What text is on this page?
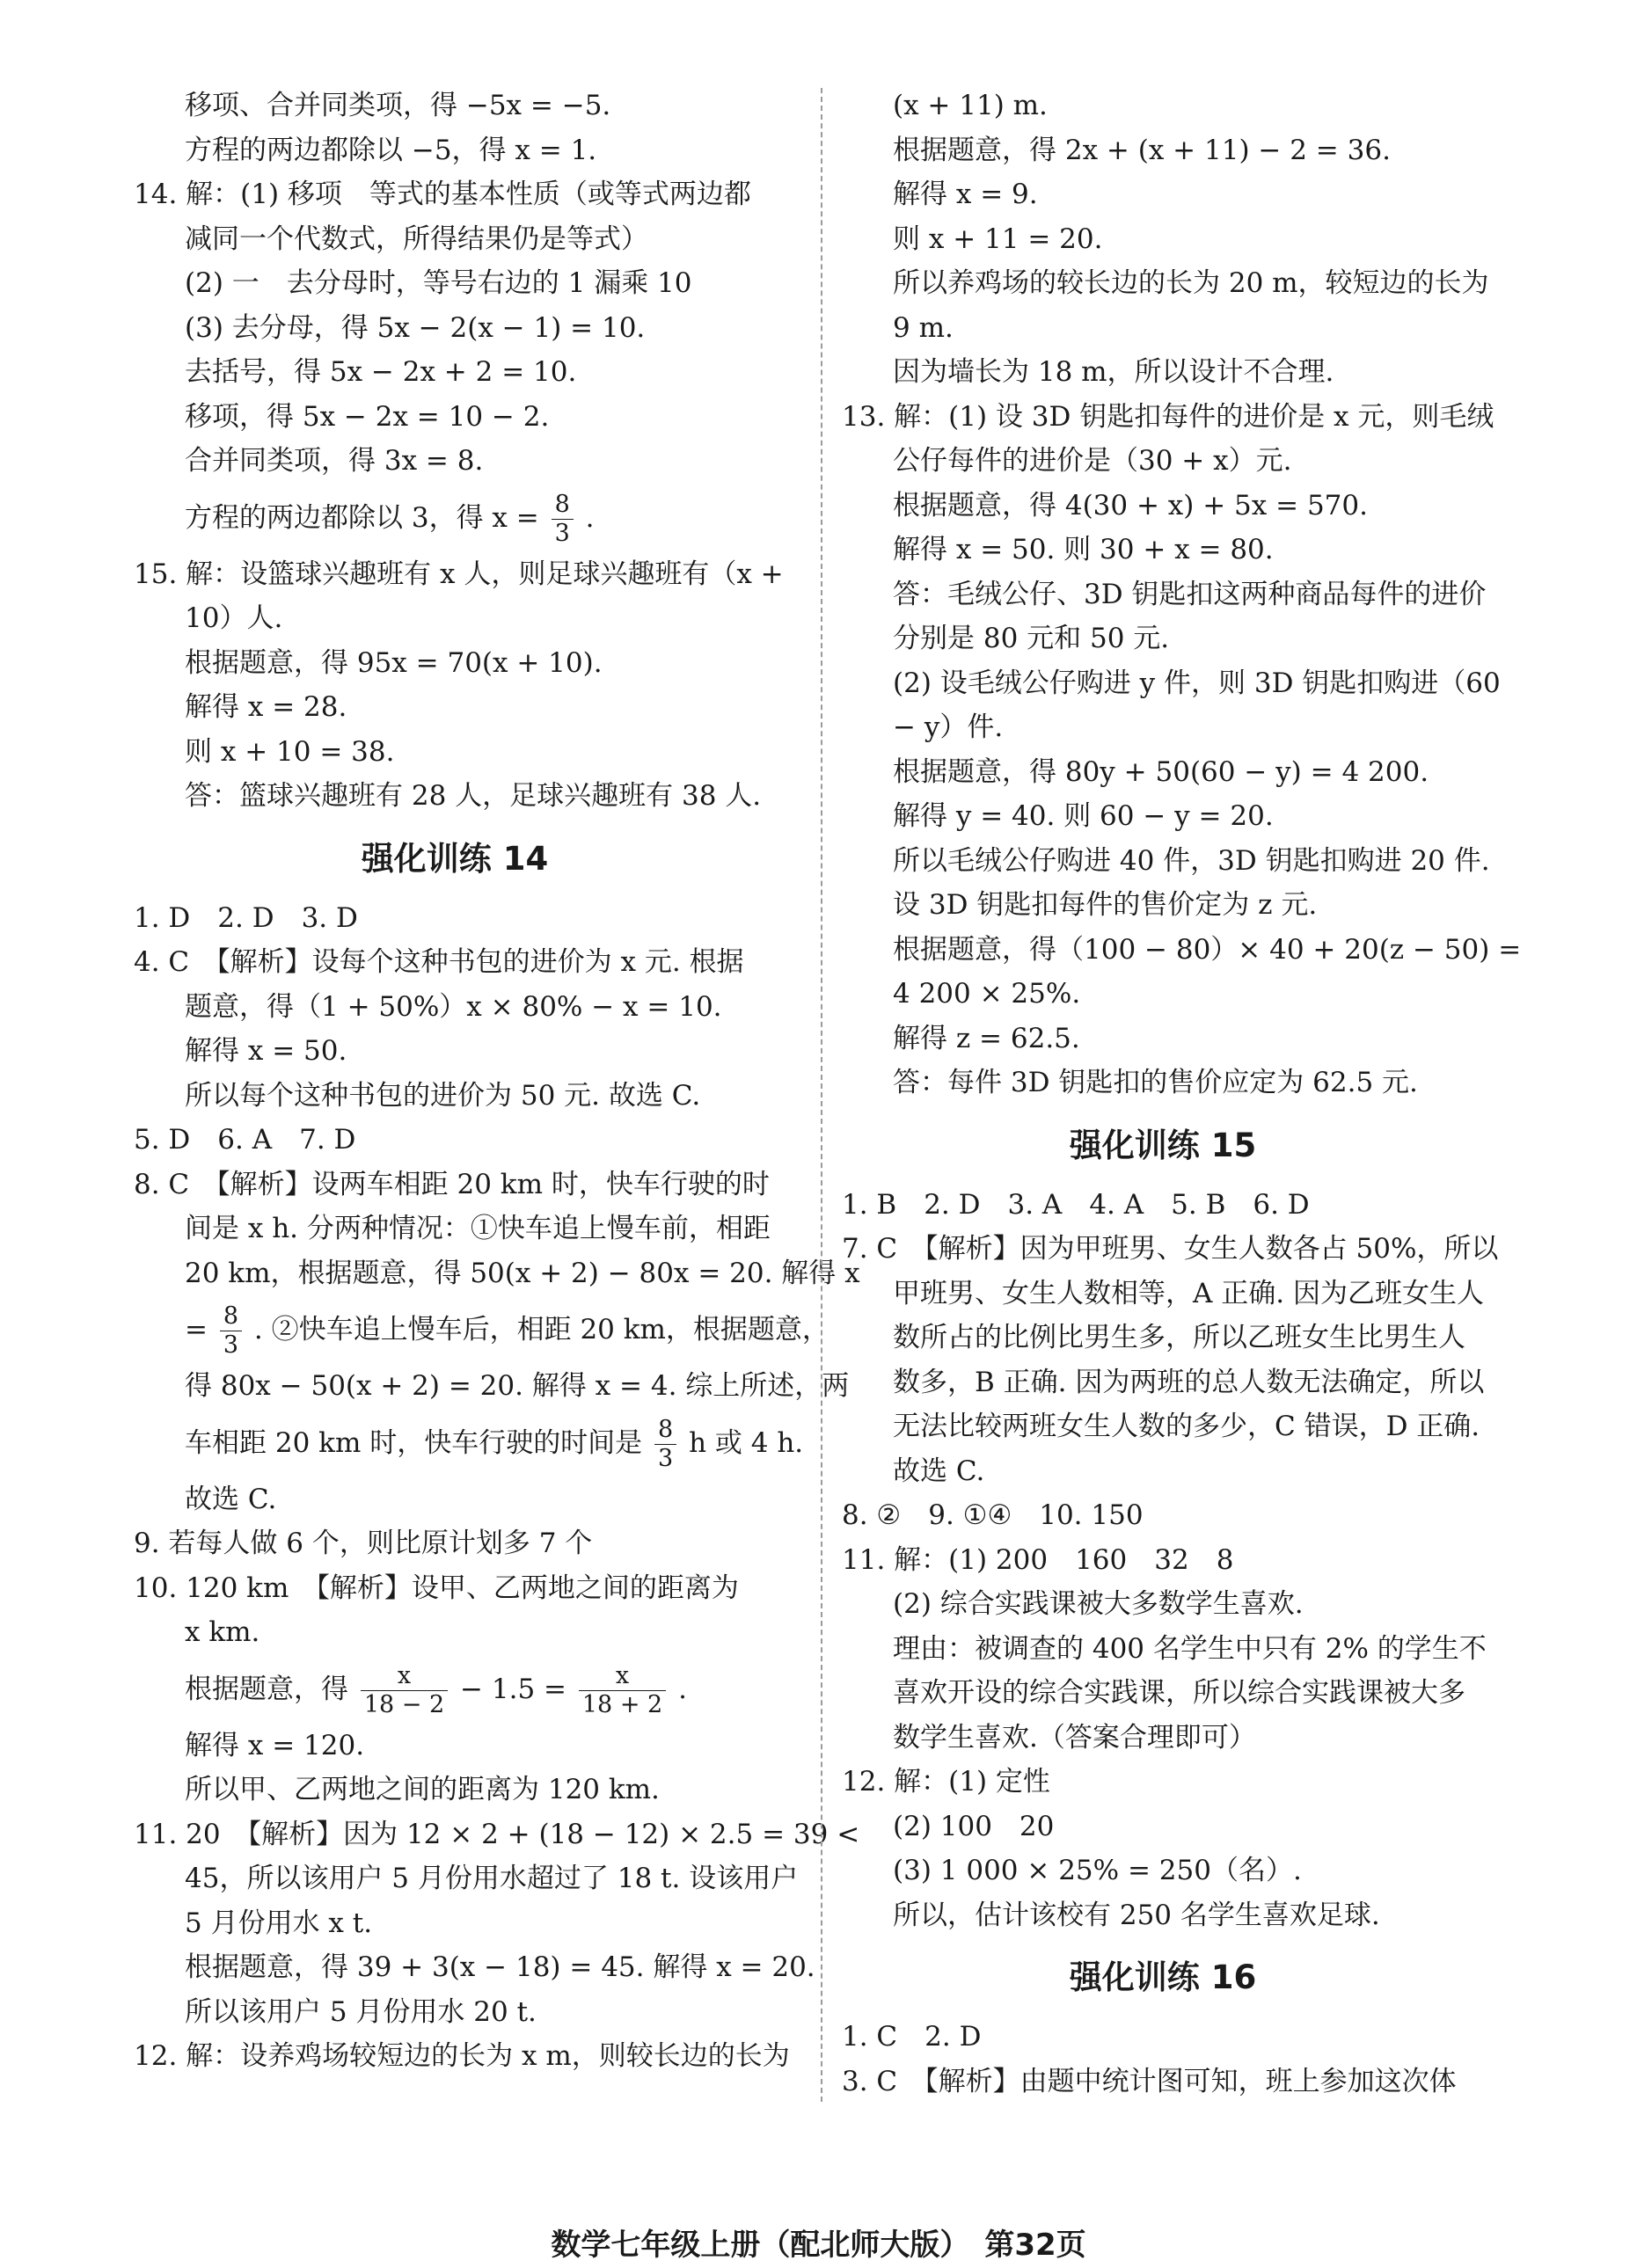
移项、合并同类项，得 −5x = −5.
方程的两边都除以 −5，得 x = 1.
14. 解：(1) 移项　等式的基本性质（或等式两边都
减同一个代数式，所得结果仍是等式）
(2) 一　去分母时，等号右边的 1 漏乘 10
(3) 去分母，得 5x − 2(x − 1) = 10.
去括号，得 5x − 2x + 2 = 10.
移项，得 5x − 2x = 10 − 2.
合并同类项，得 3x = 8.
方程的两边都除以 3，得 $x = \frac{8}{3}$ .
15. 解：设篮球兴趣班有 x 人，则足球兴趣班有（x +
10）人.
根据题意，得 95x = 70(x + 10).
解得 x = 28.
则 x + 10 = 38.
答：篮球兴趣班有 28 人，足球兴趣班有 38 人.
强化训练 14
1. D　2. D　3. D
4. C　【解析】设每个这种书包的进价为 x 元. 根据
题意，得（1 + 50%）x × 80% − x = 10.
解得 x = 50.
所以每个这种书包的进价为 50 元. 故选 C.
5. D　6. A　7. D
8. C　【解析】设两车相距 20 km 时，快车行驶的时
间是 x h. 分两种情况：①快车追上慢车前，相距
20 km，根据题意，得 50(x + 2) − 80x = 20. 解得 x
= $\frac{8}{3}$ . ②快车追上慢车后，相距 20 km，根据题意，
得 80x − 50(x + 2) = 20. 解得 x = 4. 综上所述，两
车相距 20 km 时，快车行驶的时间是 $\frac{8}{3}$ h 或 4 h.
故选 C.
9. 若每人做 6 个，则比原计划多 7 个
10. 120 km　【解析】设甲、乙两地之间的距离为
x km.
根据题意，得 $\frac{x}{18 - 2} - 1.5 = \frac{x}{18 + 2}$ .
解得 x = 120.
所以甲、乙两地之间的距离为 120 km.
11. 20　【解析】因为 12 × 2 + (18 − 12) × 2.5 = 39 <
45，所以该用户 5 月份用水超过了 18 t. 设该用户
5 月份用水 x t.
根据题意，得 39 + 3(x − 18) = 45. 解得 x = 20.
所以该用户 5 月份用水 20 t.
12. 解：设养鸡场较短边的长为 x m，则较长边的长为
(x + 11) m.
根据题意，得 2x + (x + 11) − 2 = 36.
解得 x = 9.
则 x + 11 = 20.
所以养鸡场的较长边的长为 20 m，较短边的长为
9 m.
因为墙长为 18 m，所以设计不合理.
13. 解：(1) 设 3D 钥匙扣每件的进价是 x 元，则毛绒
公仔每件的进价是（30 + x）元.
根据题意，得 4(30 + x) + 5x = 570.
解得 x = 50. 则 30 + x = 80.
答：毛绒公仔、3D 钥匙扣这两种商品每件的进价
分别是 80 元和 50 元.
(2) 设毛绒公仔购进 y 件，则 3D 钥匙扣购进（60
− y）件.
根据题意，得 80y + 50(60 − y) = 4 200.
解得 y = 40. 则 60 − y = 20.
所以毛绒公仔购进 40 件，3D 钥匙扣购进 20 件.
设 3D 钥匙扣每件的售价定为 z 元.
根据题意，得（100 − 80）× 40 + 20(z − 50) =
4 200 × 25%.
解得 z = 62.5.
答：每件 3D 钥匙扣的售价应定为 62.5 元.
强化训练 15
1. B　2. D　3. A　4. A　5. B　6. D
7. C　【解析】因为甲班男、女生人数各占 50%，所以
甲班男、女生人数相等，A 正确. 因为乙班女生人
数所占的比例比男生多，所以乙班女生比男生人
数多，B 正确. 因为两班的总人数无法确定，所以
无法比较两班女生人数的多少，C 错误，D 正确.
故选 C.
8. ②　9. ①④　10. 150
11. 解：(1) 200　160　32　8
(2) 综合实践课被大多数学生喜欢.
理由：被调查的 400 名学生中只有 2% 的学生不
喜欢开设的综合实践课，所以综合实践课被大多
数学生喜欢.（答案合理即可）
12. 解：(1) 定性
(2) 100　20
(3) 1 000 × 25% = 250（名）.
所以，估计该校有 250 名学生喜欢足球.
强化训练 16
1. C　2. D
3. C　【解析】由题中统计图可知，班上参加这次体
数学七年级上册（配北师大版）　第32页
